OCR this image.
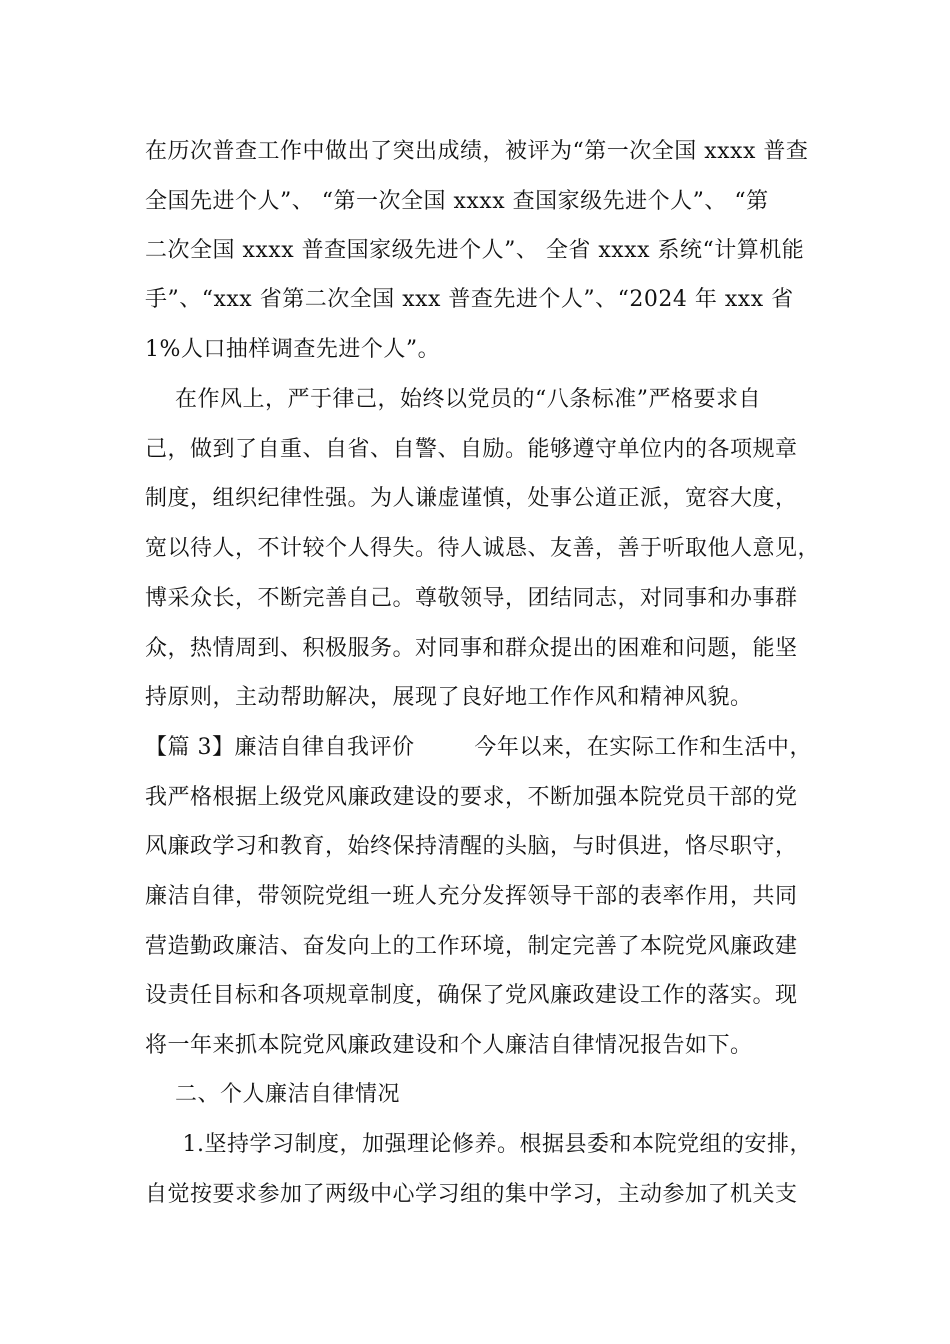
在历次普查工作中做出了突出成绩，被评为“第一次全国 xxxx 普查
全国先进个人”、 “第一次全国 xxxx 查国家级先进个人”、 “第
二次全国 xxxx 普查国家级先进个人”、 全省 xxxx 系统“计算机能
手”、“xxx 省第二次全国 xxx 普查先进个人”、“2024 年 xxx 省
1%人口抽样调查先进个人”。
在作风上，严于律己，始终以党员的“八条标准”严格要求自
己，做到了自重、自省、自警、自励。能够遵守单位内的各项规章
制度，组织纪律性强。为人谦虚谨慎，处事公道正派，宽容大度，
宽以待人，不计较个人得失。待人诚恳、友善，善于听取他人意见，
博采众长，不断完善自己。尊敬领导，团结同志，对同事和办事群
众，热情周到、积极服务。对同事和群众提出的困难和问题，能坚
持原则，主动帮助解决，展现了良好地工作作风和精神风貌。
【篇 3】廉洁自律自我评价        今年以来，在实际工作和生活中，
我严格根据上级党风廉政建设的要求，不断加强本院党员干部的党
风廉政学习和教育，始终保持清醒的头脑，与时俱进，恪尽职守，
廉洁自律，带领院党组一班人充分发挥领导干部的表率作用，共同
营造勤政廉洁、奋发向上的工作环境，制定完善了本院党风廉政建
设责任目标和各项规章制度，确保了党风廉政建设工作的落实。现
将一年来抓本院党风廉政建设和个人廉洁自律情况报告如下。
二、个人廉洁自律情况
1.坚持学习制度，加强理论修养。根据县委和本院党组的安排，
自觉按要求参加了两级中心学习组的集中学习，主动参加了机关支
